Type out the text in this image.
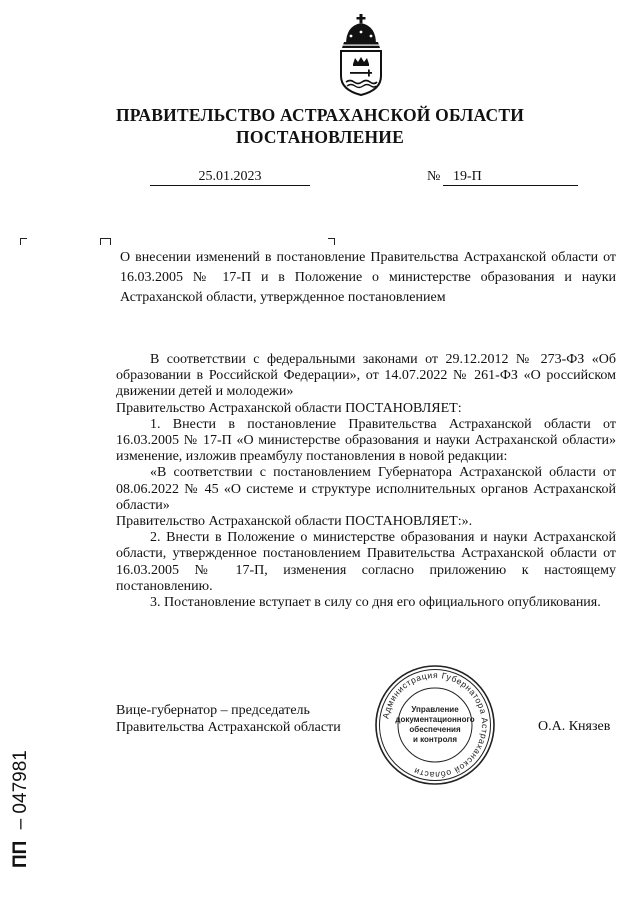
ПРАВИТЕЛЬСТВО АСТРАХАНСКОЙ ОБЛАСТИ
ПОСТАНОВЛЕНИЕ
25.01.2023	№ 19-П
О внесении изменений в постановление Правительства Астраханской области от 16.03.2005 № 17-П и в Положение о министерстве образования и науки Астраханской области, утвержденное постановлением

В соответствии с федеральными законами от 29.12.2012 № 273-ФЗ «Об образовании в Российской Федерации», от 14.07.2022 № 261-ФЗ «О российском движении детей и молодежи»

Правительство Астраханской области ПОСТАНОВЛЯЕТ:

1. Внести в постановление Правительства Астраханской области от 16.03.2005 № 17-П «О министерстве образования и науки Астраханской области» изменение, изложив преамбулу постановления в новой редакции:

«В соответствии с постановлением Губернатора Астраханской области от 08.06.2022 № 45 «О системе и структуре исполнительных органов Астраханской области»

Правительство Астраханской области ПОСТАНОВЛЯЕТ:».

2. Внести в Положение о министерстве образования и науки Астраханской области, утвержденное постановлением Правительства Астраханской области от 16.03.2005 № 17-П, изменения согласно приложению к настоящему постановлению.

3. Постановление вступает в силу со дня его официального опубликования.

Вице-губернатор – председатель
Правительства Астраханской области	О.А. Князев
Администрация Губернатора Астраханской области
Управление
документационного
обеспечения
и контроля
ПП – 047981
